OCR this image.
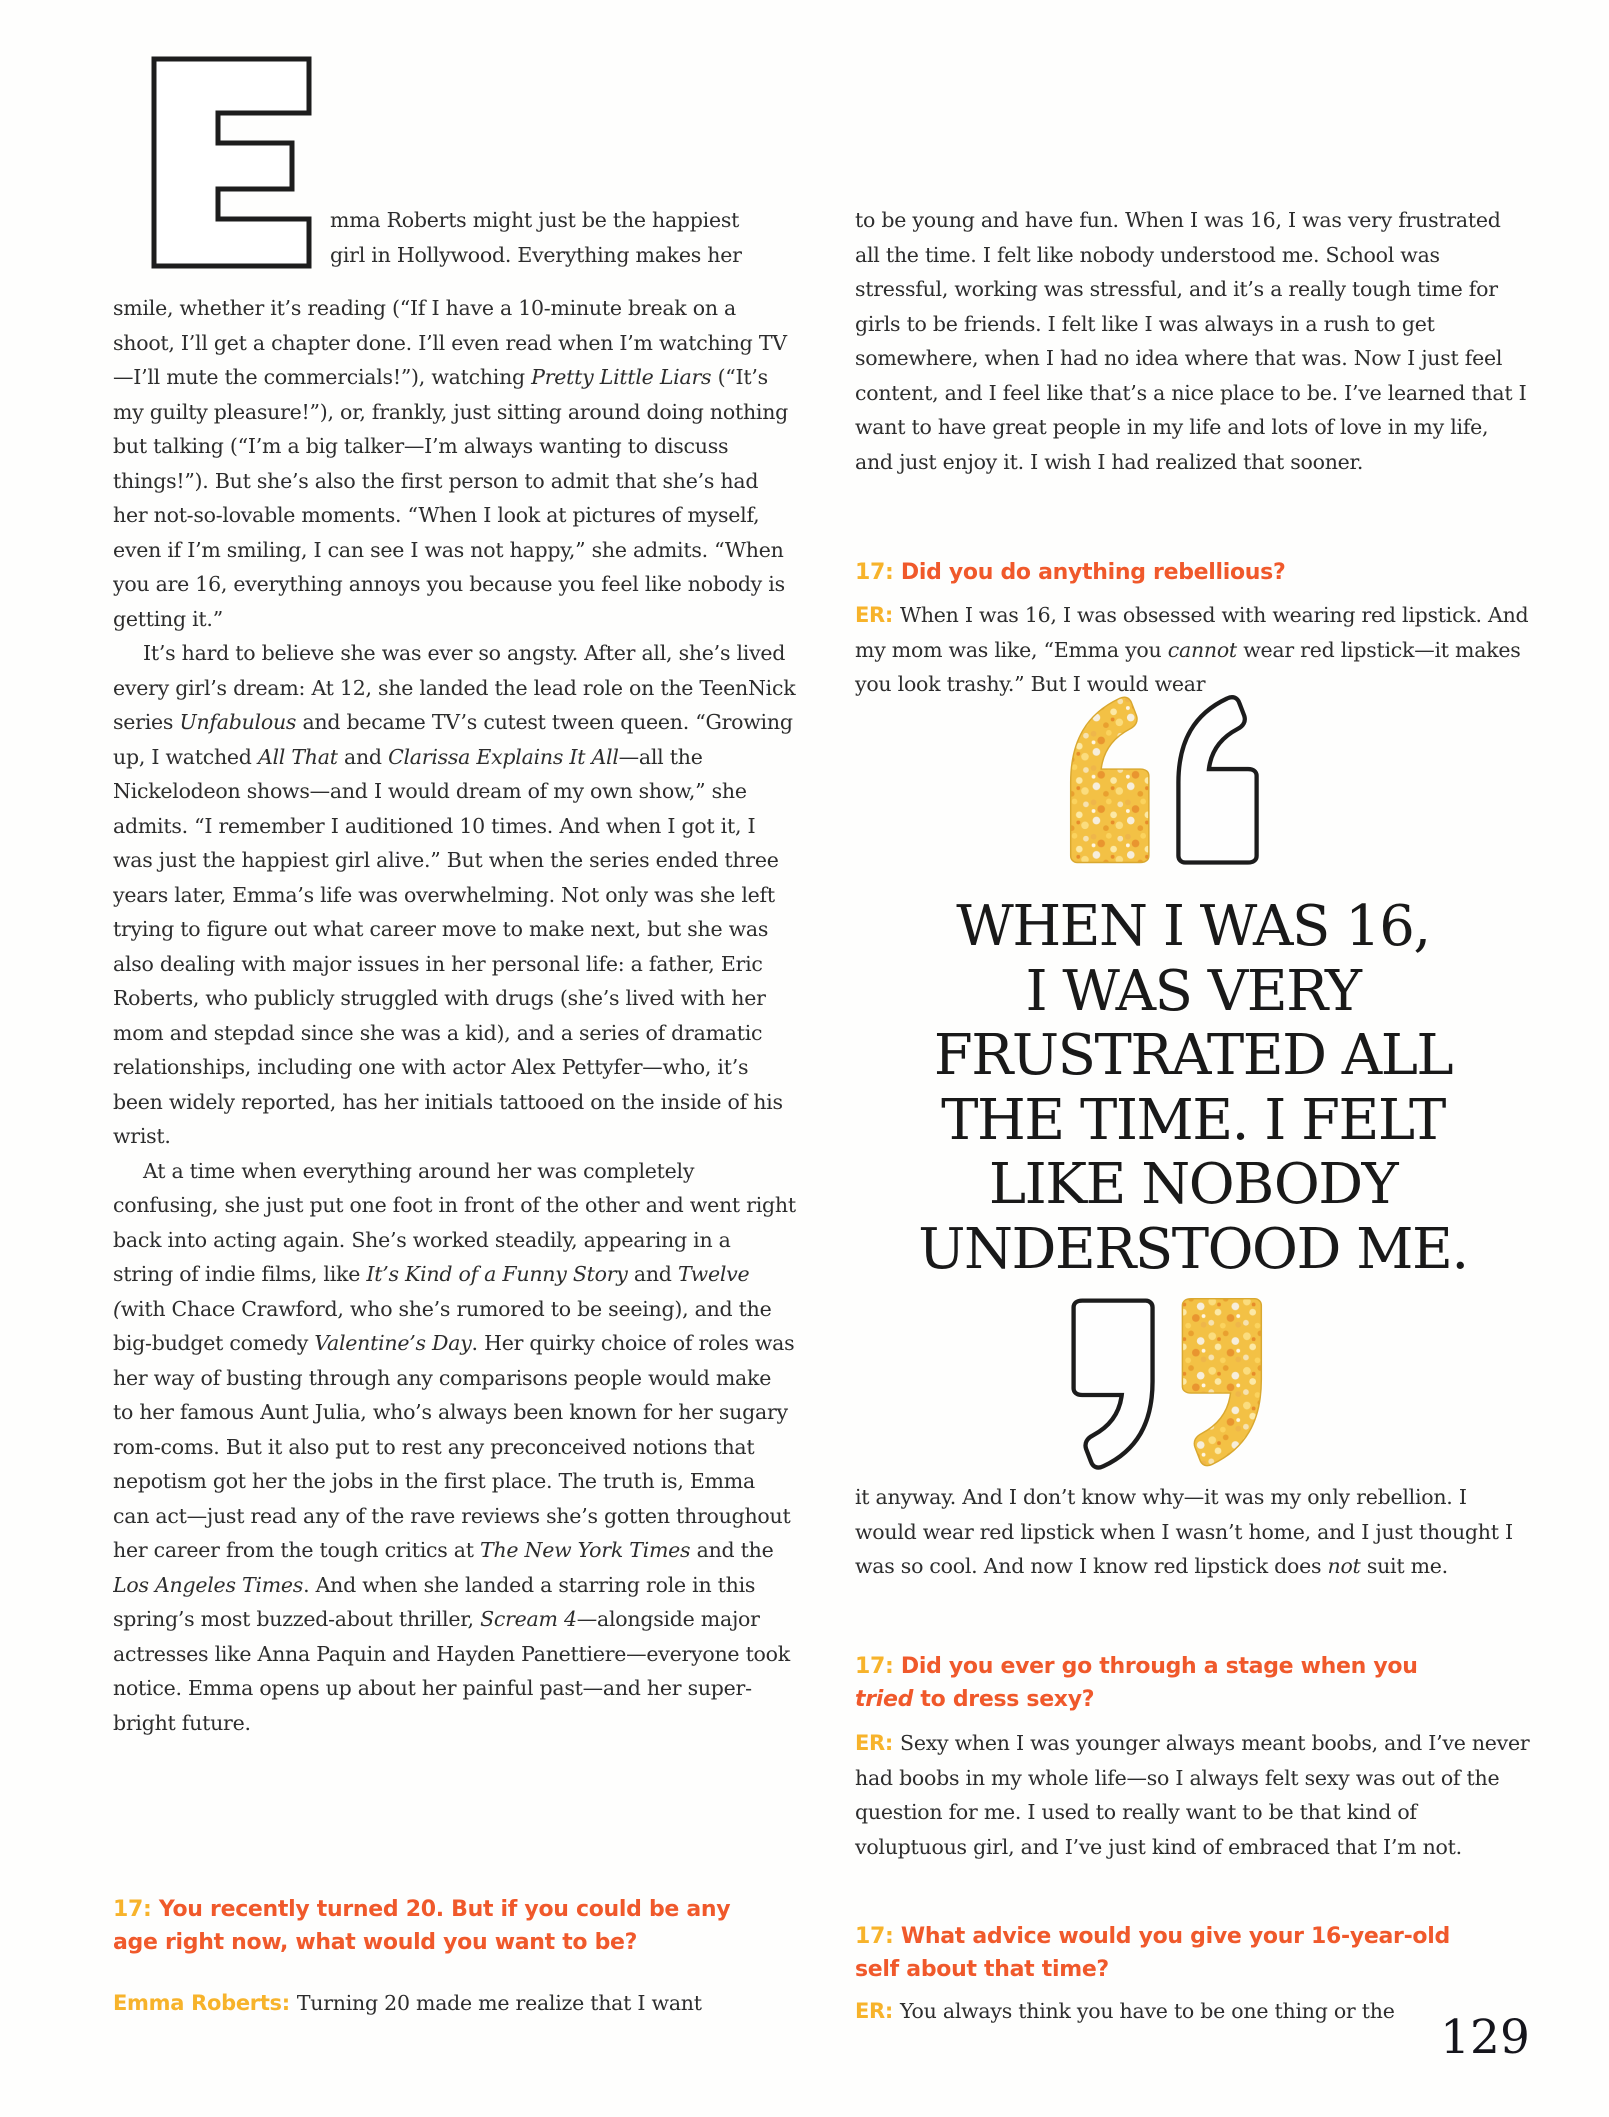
mma Roberts might just be the happiest
girl in Hollywood. Everything makes her

smile, whether it’s reading (“If I have a 10-minute break on a shoot, I’ll get a chapter done. I’ll even read when I’m watching TV—I’ll mute the commercials!”), watching Pretty Little Liars (“It’s my guilty pleasure!”), or, frankly, just sitting around doing nothing but talking (“I’m a big talker—I’m always wanting to discuss things!”). But she’s also the first person to admit that she’s had her not-so-lovable moments. “When I look at pictures of myself, even if I’m smiling, I can see I was not happy,” she admits. “When you are 16, everything annoys you because you feel like nobody is getting it.”

It’s hard to believe she was ever so angsty. After all, she’s lived every girl’s dream: At 12, she landed the lead role on the TeenNick series Unfabulous and became TV’s cutest tween queen. “Growing up, I watched All That and Clarissa Explains It All—all the Nickelodeon shows—and I would dream of my own show,” she admits. “I remember I auditioned 10 times. And when I got it, I was just the happiest girl alive.” But when the series ended three years later, Emma’s life was overwhelming. Not only was she left trying to figure out what career move to make next, but she was also dealing with major issues in her personal life: a father, Eric Roberts, who publicly struggled with drugs (she’s lived with her mom and stepdad since she was a kid), and a series of dramatic relationships, including one with actor Alex Pettyfer—who, it’s been widely reported, has her initials tattooed on the inside of his wrist.

At a time when everything around her was completely confusing, she just put one foot in front of the other and went right back into acting again. She’s worked steadily, appearing in a string of indie films, like It’s Kind of a Funny Story and Twelve (with Chace Crawford, who she’s rumored to be seeing), and the big-budget comedy Valentine’s Day. Her quirky choice of roles was her way of busting through any comparisons people would make to her famous Aunt Julia, who’s always been known for her sugary rom-coms. But it also put to rest any preconceived notions that nepotism got her the jobs in the first place. The truth is, Emma can act—just read any of the rave reviews she’s gotten throughout her career from the tough critics at The New York Times and the Los Angeles Times. And when she landed a starring role in this spring’s most buzzed-about thriller, Scream 4—alongside major actresses like Anna Paquin and Hayden Panettiere—everyone took notice. Emma opens up about her painful past—and her super-bright future.

17: You recently turned 20. But if you could be any
age right now, what would you want to be?
Emma Roberts: Turning 20 made me realize that I want
to be young and have fun. When I was 16, I was very frustrated all the time. I felt like nobody understood me. School was stressful, working was stressful, and it’s a really tough time for girls to be friends. I felt like I was always in a rush to get somewhere, when I had no idea where that was. Now I just feel content, and I feel like that’s a nice place to be. I’ve learned that I want to have great people in my life and lots of love in my life, and just enjoy it. I wish I had realized that sooner.
17: Did you do anything rebellious?
ER: When I was 16, I was obsessed with wearing red lipstick. And my mom was like, “Emma you cannot wear red lipstick—it makes you look trashy.” But I would wear
WHEN I WAS 16,
I WAS VERY
FRUSTRATED ALL
THE TIME. I FELT
LIKE NOBODY
UNDERSTOOD ME.
it anyway. And I don’t know why—it was my only rebellion. I would wear red lipstick when I wasn’t home, and I just thought I was so cool. And now I know red lipstick does not suit me.
17: Did you ever go through a stage when you
tried to dress sexy?
ER: Sexy when I was younger always meant boobs, and I’ve never had boobs in my whole life—so I always felt sexy was out of the question for me. I used to really want to be that kind of voluptuous girl, and I’ve just kind of embraced that I’m not.
17: What advice would you give your 16-year-old
self about that time?
ER: You always think you have to be one thing or the 129
